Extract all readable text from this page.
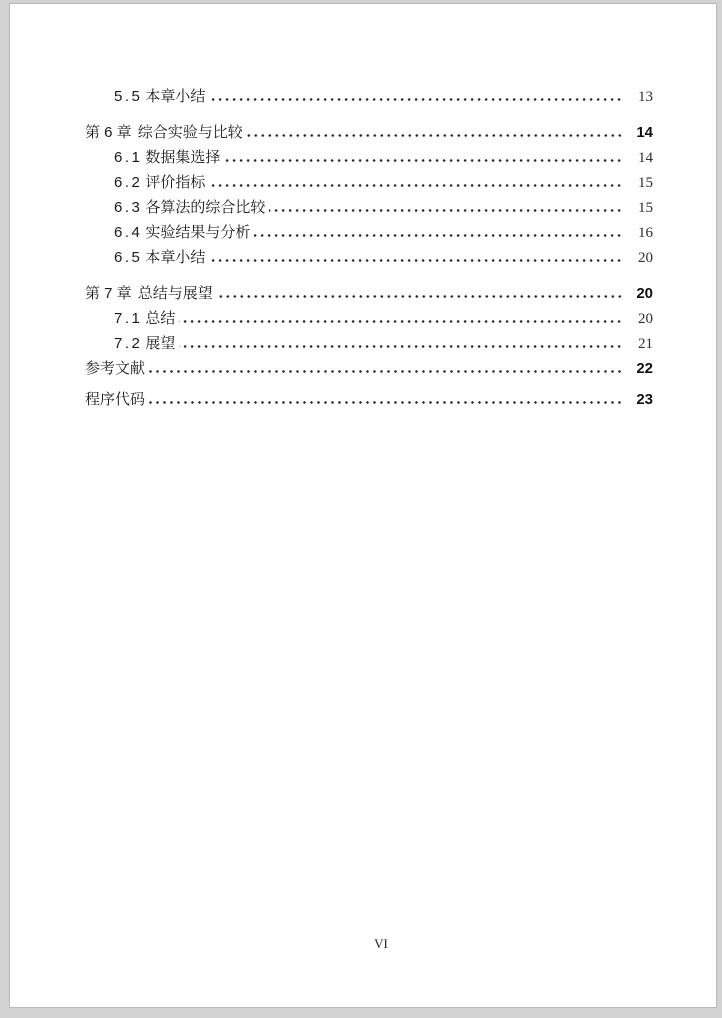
5.5 本章小结	13
第 6 章 综合实验与比较	14
6.1 数据集选择	14
6.2 评价指标	15
6.3 各算法的综合比较	15
6.4 实验结果与分析	16
6.5 本章小结	20
第 7 章 总结与展望	20
7.1 总结	20
7.2 展望	21
参考文献	22
程序代码	23
VI
